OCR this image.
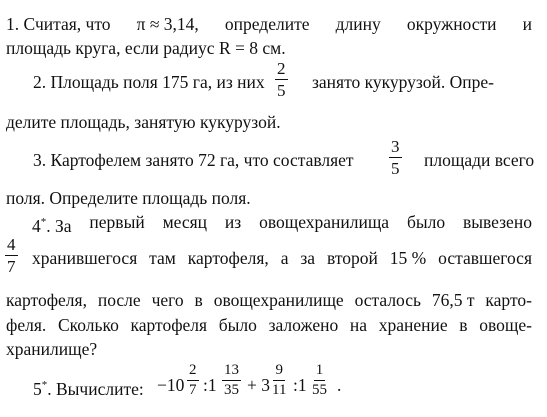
1. Считая, что π ≈ 3,14, определите длину окружности и
площадь круга, если радиус R = 8 см.
2. Площадь поля 175 га, из них $\frac{2}{5}$ занято кукурузой. Опре-
делите площадь, занятую кукурузой.
3. Картофелем занято 72 га, что составляет $\frac{3}{5}$ площади всего
поля. Определите площадь поля.
4*. За первый месяц из овощехранилища было вывезено
$\frac{4}{7}$ хранившегося там картофеля, а за второй 15 % оставшегося
картофеля, после чего в овощехранилище осталось 76,5 т карто-
феля. Сколько картофеля было заложено на хранение в овоще-
хранилище?
5*. Вычислите: $-10 \frac{2}{7}$ :1 $\frac{13}{35} + 3 \frac{9}{11}$ :1 $\frac{1}{55}$ .
